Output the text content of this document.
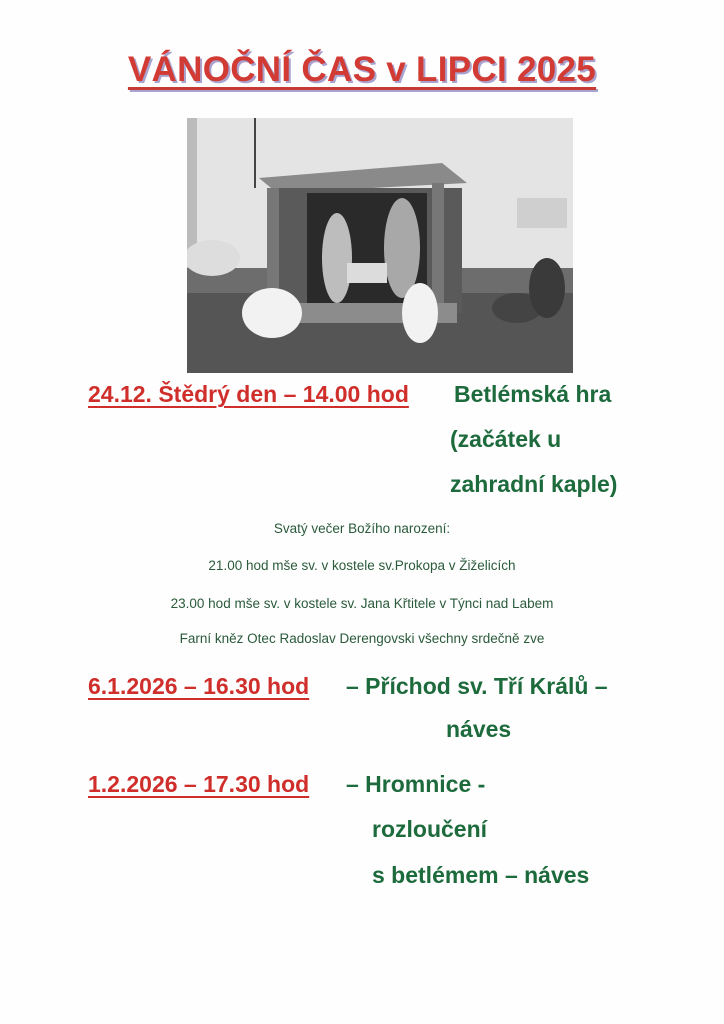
VÁNOČNÍ ČAS v LIPCI 2025
24.12. Štědrý den – 14.00 hod Betlémská hra
(začátek u
zahradní kaple)
Svatý večer Božího narození:
21.00 hod mše sv. v kostele sv.Prokopa v Žiželicích
23.00 hod mše sv. v kostele sv. Jana Křtitele v Týnci nad Labem
Farní kněz Otec Radoslav Derengovski všechny srdečně zve
6.1.2026 – 16.30 hod – Příchod sv. Tří Králů –
náves
1.2.2026 – 17.30 hod – Hromnice -
rozloučení
s betlémem – náves
